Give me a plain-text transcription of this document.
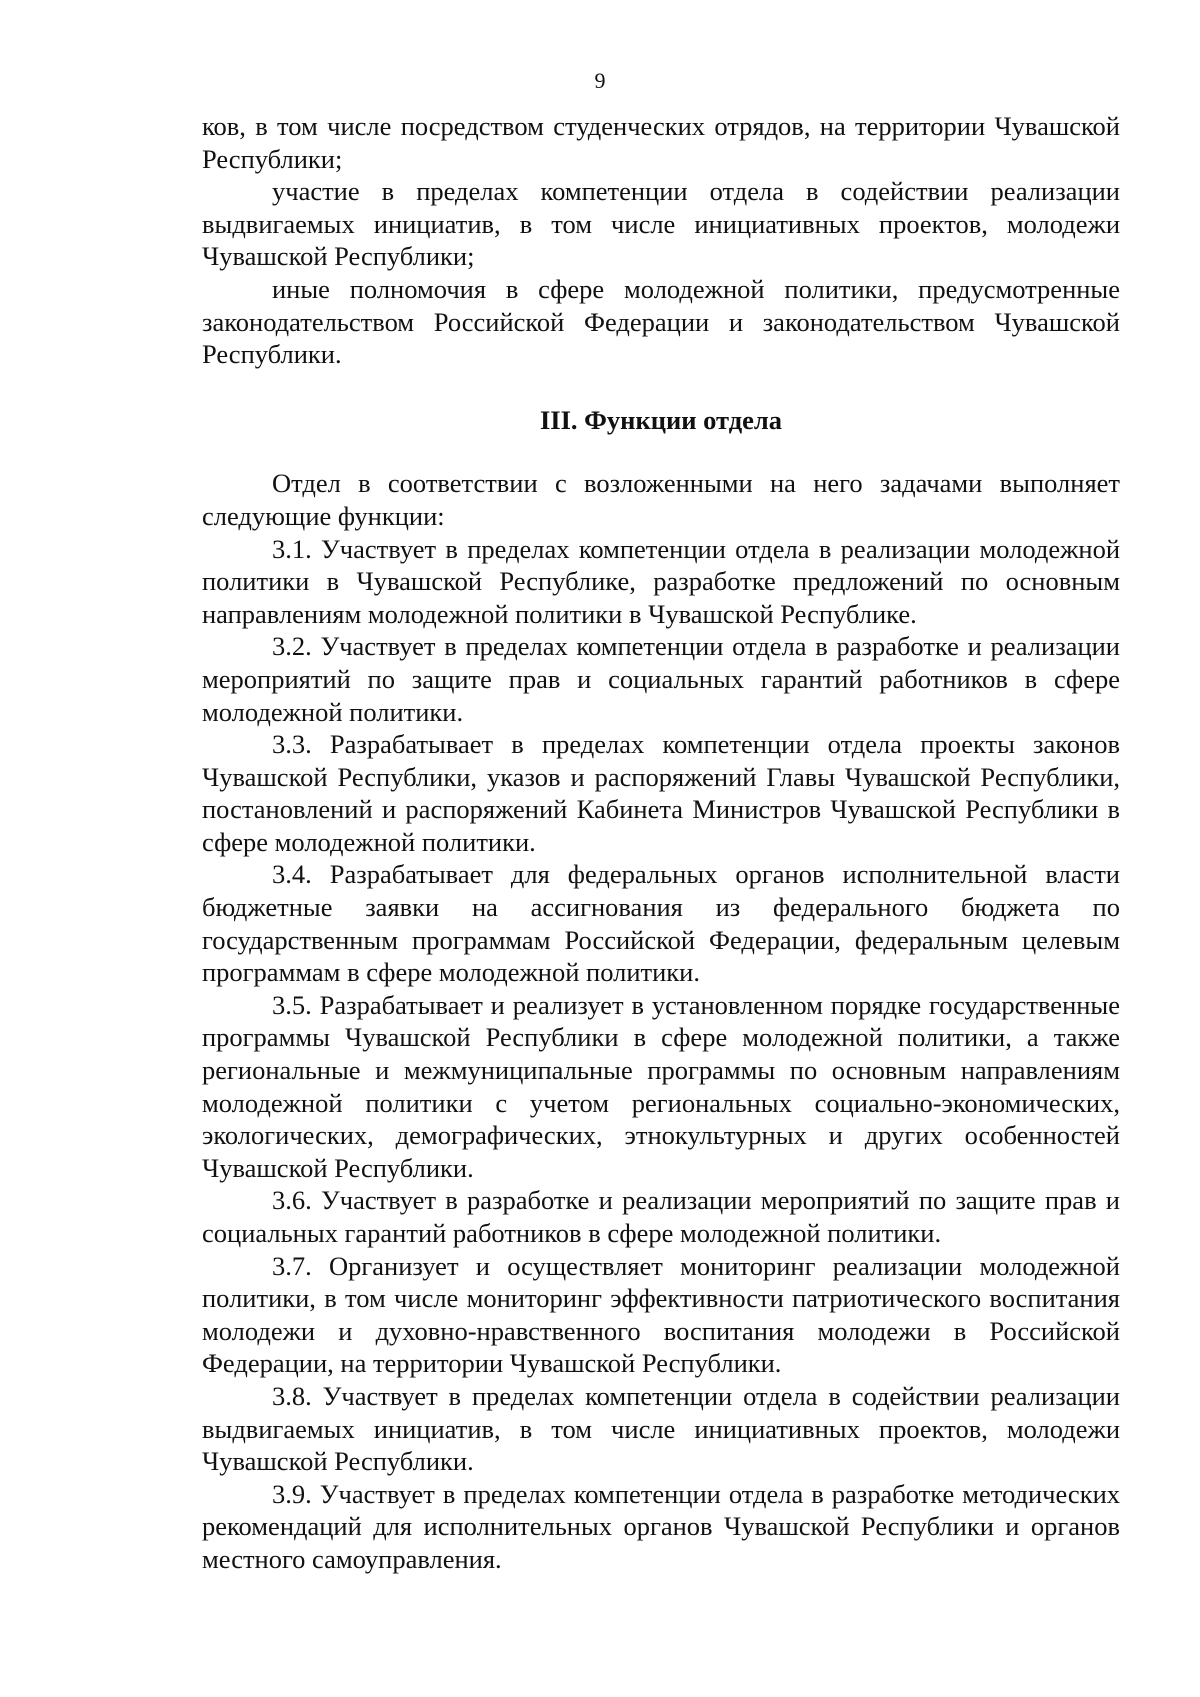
9

ков, в том числе посредством студенческих отрядов, на территории Чувашской Республики;

участие в пределах компетенции отдела в содействии реализации выдвигаемых инициатив, в том числе инициативных проектов, молодежи Чувашской Республики;

иные полномочия в сфере молодежной политики, предусмотренные законодательством Российской Федерации и законодательством Чувашской Республики.

III. Функции отдела

Отдел в соответствии с возложенными на него задачами выполняет следующие функции:

3.1. Участвует в пределах компетенции отдела в реализации молодежной политики в Чувашской Республике, разработке предложений по основным направлениям молодежной политики в Чувашской Республике.

3.2. Участвует в пределах компетенции отдела в разработке и реализации мероприятий по защите прав и социальных гарантий работников в сфере молодежной политики.

3.3. Разрабатывает в пределах компетенции отдела проекты законов Чувашской Республики, указов и распоряжений Главы Чувашской Республики, постановлений и распоряжений Кабинета Министров Чувашской Республики в сфере молодежной политики.

3.4. Разрабатывает для федеральных органов исполнительной власти бюджетные заявки на ассигнования из федерального бюджета по государственным программам Российской Федерации, федеральным целевым программам в сфере молодежной политики.

3.5. Разрабатывает и реализует в установленном порядке государственные программы Чувашской Республики в сфере молодежной политики, а также региональные и межмуниципальные программы по основным направлениям молодежной политики с учетом региональных социально-экономических, экологических, демографических, этнокультурных и других особенностей Чувашской Республики.

3.6. Участвует в разработке и реализации мероприятий по защите прав и социальных гарантий работников в сфере молодежной политики.

3.7. Организует и осуществляет мониторинг реализации молодежной политики, в том числе мониторинг эффективности патриотического воспитания молодежи и духовно-нравственного воспитания молодежи в Российской Федерации, на территории Чувашской Республики.

3.8. Участвует в пределах компетенции отдела в содействии реализации выдвигаемых инициатив, в том числе инициативных проектов, молодежи Чувашской Республики.

3.9. Участвует в пределах компетенции отдела в разработке методических рекомендаций для исполнительных органов Чувашской Республики и органов местного самоуправления.
